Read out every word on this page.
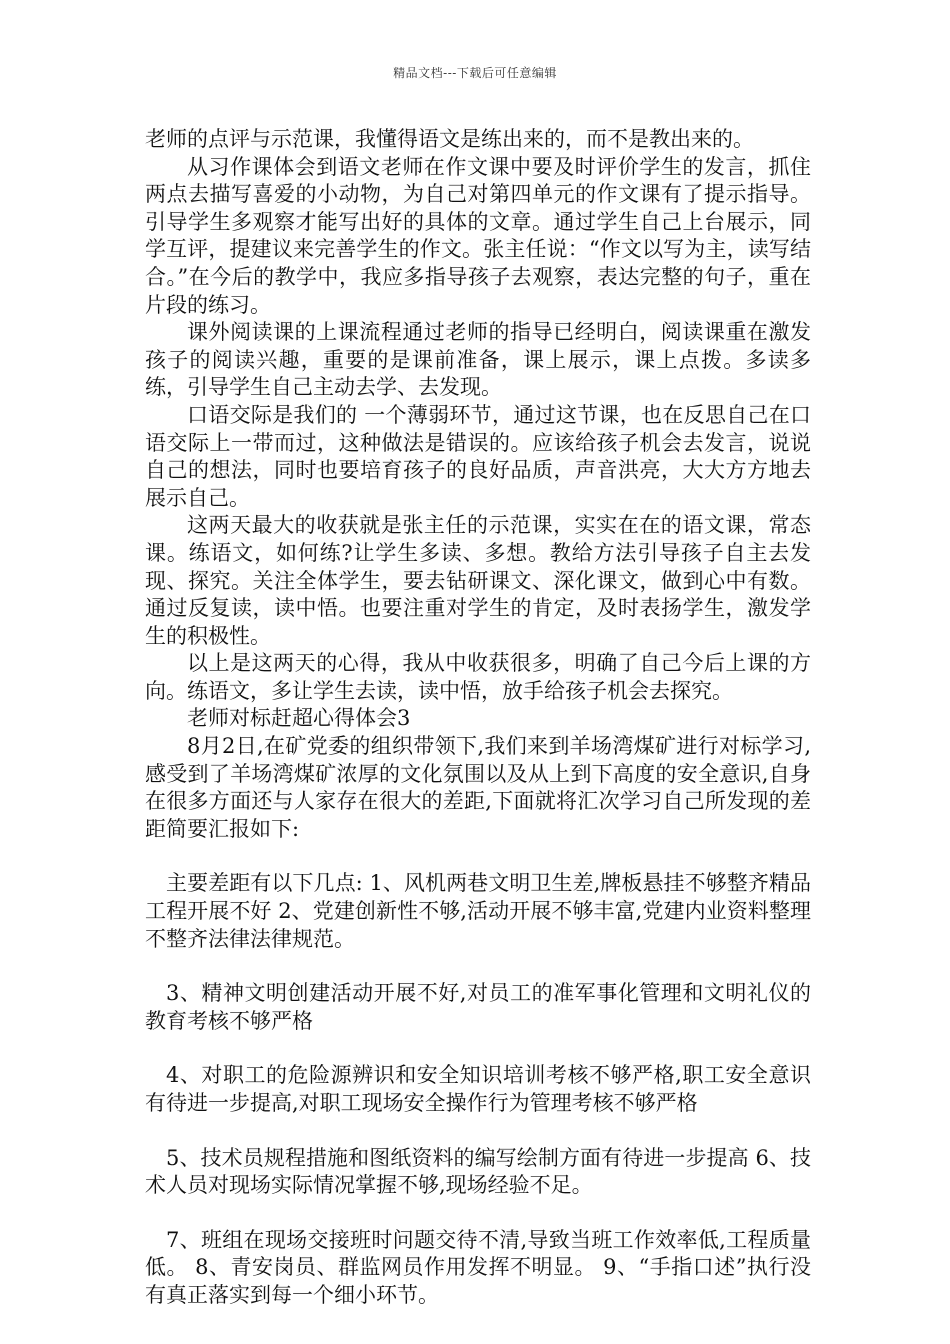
精品文档---下载后可任意编辑

老师的点评与示范课，我懂得语文是练出来的，而不是教出来的。

从习作课体会到语文老师在作文课中要及时评价学生的发言，抓住两点去描写喜爱的小动物，为自己对第四单元的作文课有了提示指导。引导学生多观察才能写出好的具体的文章。通过学生自己上台展示，同学互评，提建议来完善学生的作文。张主任说：“作文以写为主，读写结合。”在今后的教学中，我应多指导孩子去观察，表达完整的句子，重在片段的练习。

课外阅读课的上课流程通过老师的指导已经明白，阅读课重在激发孩子的阅读兴趣，重要的是课前准备，课上展示，课上点拨。多读多练，引导学生自己主动去学、去发现。

口语交际是我们的 一个薄弱环节，通过这节课，也在反思自己在口语交际上一带而过，这种做法是错误的。应该给孩子机会去发言，说说自己的想法，同时也要培育孩子的良好品质，声音洪亮，大大方方地去展示自己。

这两天最大的收获就是张主任的示范课，实实在在的语文课，常态课。练语文，如何练?让学生多读、多想。教给方法引导孩子自主去发现、探究。关注全体学生，要去钻研课文、深化课文，做到心中有数。通过反复读，读中悟。也要注重对学生的肯定，及时表扬学生，激发学生的积极性。

以上是这两天的心得，我从中收获很多，明确了自己今后上课的方向。练语文，多让学生去读，读中悟，放手给孩子机会去探究。

老师对标赶超心得体会3

8月2日,在矿党委的组织带领下,我们来到羊场湾煤矿进行对标学习,感受到了羊场湾煤矿浓厚的文化氛围以及从上到下高度的安全意识,自身在很多方面还与人家存在很大的差距,下面就将汇次学习自己所发现的差距简要汇报如下:

主要差距有以下几点: 1、风机两巷文明卫生差,牌板悬挂不够整齐精品工程开展不好 2、党建创新性不够,活动开展不够丰富,党建内业资料整理不整齐法律法律规范。

3、精神文明创建活动开展不好,对员工的准军事化管理和文明礼仪的教育考核不够严格

4、对职工的危险源辨识和安全知识培训考核不够严格,职工安全意识有待进一步提高,对职工现场安全操作行为管理考核不够严格

5、技术员规程措施和图纸资料的编写绘制方面有待进一步提高 6、技术人员对现场实际情况掌握不够,现场经验不足。

7、班组在现场交接班时问题交待不清,导致当班工作效率低,工程质量低。 8、青安岗员、群监网员作用发挥不明显。 9、“手指口述”执行没有真正落实到每一个细小环节。
